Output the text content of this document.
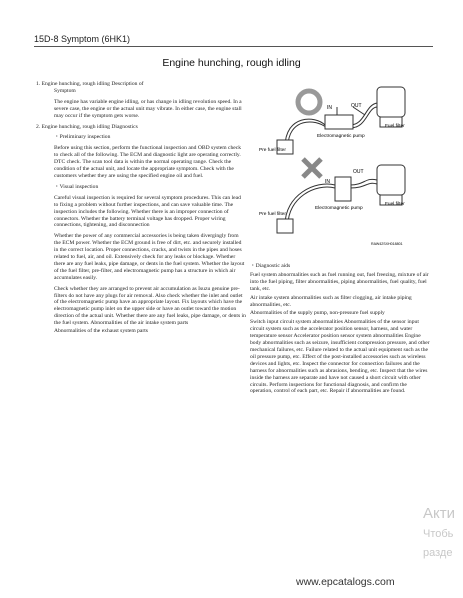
15D-8 Symptom (6HK1)
Engine hunching, rough idling

1. Engine hunching, rough idling Description of

Symptom

The engine has variable engine idling, or has change in idling revolution speed. In a severe case, the engine or the actual unit may vibrate. In either case, the engine stall may occur if the symptom gets worse.

2. Engine hunching, rough idling Diagnostics

・Preliminary inspection

Before using this section, perform the functional inspection and OBD system check to check all of the following. The ECM and diagnostic light are operating correctly. DTC check. The scan tool data is within the normal operating range. Check the condition of the actual unit, and locate the appropriate symptom. Check with the customers whether they are using the specified engine oil and fuel.

・Visual inspection

Careful visual inspection is required for several symptom procedures. This can lead to fixing a problem without further inspections, and can save valuable time. The inspection includes the following. Whether there is an improper connection of connectors. Whether the battery terminal voltage has dropped. Proper wiring connections, tightening, and disconnection

Whether the power of any commercial accessories is being taken divergingly from the ECM power. Whether the ECM ground is free of dirt, etc. and securely installed in the correct location. Proper connections, cracks, and twists in the pipes and hoses related to fuel, air, and oil. Extensively check for any leaks or blockage. Whether there are any fuel leaks, pipe damage, or dents in the fuel system. Whether the layout of the fuel filter, pre-filter, and electromagnetic pump has a structure in which air accumulates easily.

Check whether they are arranged to prevent air accumulation as Isuzu genuine pre-filters do not have any plugs for air removal. Also check whether the inlet and outlet of the electromagnetic pump have an appropriate layout. Fix layouts which have the electromagnetic pump inlet on the upper side or have an outlet toward the motion direction of the actual unit. Whether there are any fuel leaks, pipe damage, or dents in the fuel system. Abnormalities of the air intake system parts

Abnormalities of the exhaust system parts

IN	OUT
Fuel filter
Electromagnetic pump
Pre fuel filter
IN
OUT
Fuel filter
Electromagnetic pump
Pre fuel filter
RAW42SXH018801

・Diagnostic aids

Fuel system abnormalities such as fuel running out, fuel freezing, mixture of air into the fuel piping, filter abnormalities, piping abnormalities, fuel quality, fuel tank, etc.

Air intake system abnormalities such as filter clogging, air intake piping abnormalities, etc.

Abnormalities of the supply pump, non-pressure fuel supply

Switch input circuit system abnormalities Abnormalities of the sensor input circuit system such as the accelerator position sensor, harness, and water temperature sensor Accelerator position sensor system abnormalities Engine body abnormalities such as seizure, insufficient compression pressure, and other mechanical failures, etc. Failure related to the actual unit equipment such as the oil pressure pump, etc. Effect of the post-installed accessories such as wireless devices and lights, etc. Inspect the connector for connection failures and the harness for abnormalities such as abrasions, bending, etc. Inspect that the wires inside the harness are separate and have not caused a short circuit with other circuits. Perform inspections for functional diagnosis, and confirm the operation, control of each part, etc. Repair if abnormalities are found.

Акти
Чтобь
разде
www.epcatalogs.com
